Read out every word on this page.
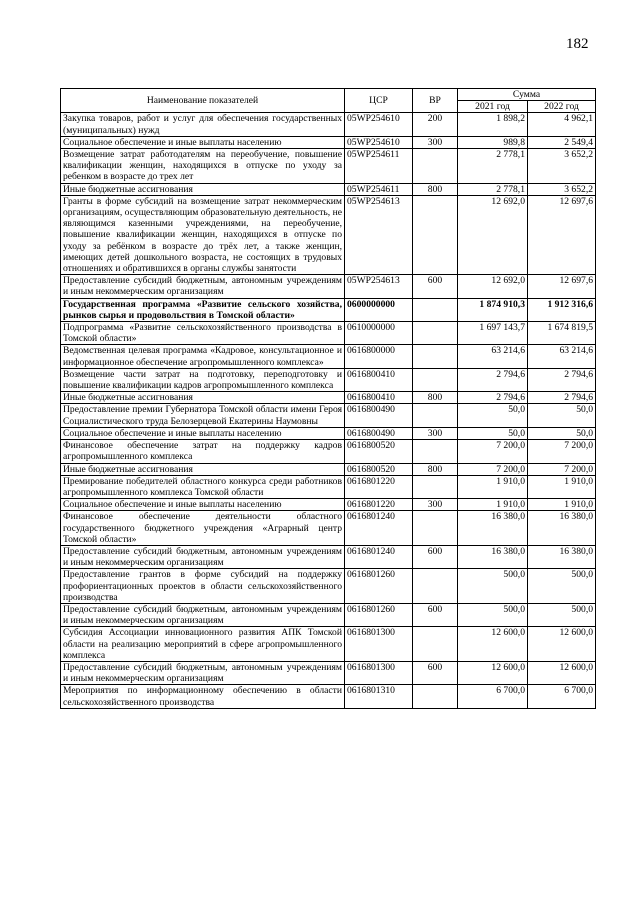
182
Наименование показателей	ЦСР	ВР	Сумма	
			2021 год	2022 год
Закупка товаров, работ и услуг для обеспечения государственных (муниципальных) нужд	05WP254610	200	1 898,2	4 962,1
Социальное обеспечение и иные выплаты населению	05WP254610	300	989,8	2 549,4
Возмещение затрат работодателям на переобучение, повышение квалификации женщин, находящихся в отпуске по уходу за ребенком в возрасте до трех лет	05WP254611		2 778,1	3 652,2
Иные бюджетные ассигнования	05WP254611	800	2 778,1	3 652,2
Гранты в форме субсидий на возмещение затрат некоммерческим организациям, осуществляющим образовательную деятельность, не являющимся казенными учреждениями, на переобучение, повышение квалификации женщин, находящихся в отпуске по уходу за ребёнком в возрасте до трёх лет, а также женщин, имеющих детей дошкольного возраста, не состоящих в трудовых отношениях и обратившихся в органы службы занятости	05WP254613		12 692,0	12 697,6
Предоставление субсидий бюджетным, автономным учреждениям и иным некоммерческим организациям	05WP254613	600	12 692,0	12 697,6
Государственная программа «Развитие сельского хозяйства, рынков сырья и продовольствия в Томской области»	0600000000		1 874 910,3	1 912 316,6
Подпрограмма «Развитие сельскохозяйственного производства в Томской области»	0610000000		1 697 143,7	1 674 819,5
Ведомственная целевая программа «Кадровое, консультационное и информационное обеспечение агропромышленного комплекса»	0616800000		63 214,6	63 214,6
Возмещение части затрат на подготовку, переподготовку и повышение квалификации кадров агропромышленного комплекса	0616800410		2 794,6	2 794,6
Иные бюджетные ассигнования	0616800410	800	2 794,6	2 794,6
Предоставление премии Губернатора Томской области имени Героя Социалистического труда Белозерцевой Екатерины Наумовны	0616800490		50,0	50,0
Социальное обеспечение и иные выплаты населению	0616800490	300	50,0	50,0
Финансовое обеспечение затрат на поддержку кадров агропромышленного комплекса	0616800520		7 200,0	7 200,0
Иные бюджетные ассигнования	0616800520	800	7 200,0	7 200,0
Премирование победителей областного конкурса среди работников агропромышленного комплекса Томской области	0616801220		1 910,0	1 910,0
Социальное обеспечение и иные выплаты населению	0616801220	300	1 910,0	1 910,0
Финансовое обеспечение деятельности областного государственного бюджетного учреждения «Аграрный центр Томской области»	0616801240		16 380,0	16 380,0
Предоставление субсидий бюджетным, автономным учреждениям и иным некоммерческим организациям	0616801240	600	16 380,0	16 380,0
Предоставление грантов в форме субсидий на поддержку профориентационных проектов в области сельскохозяйственного производства	0616801260		500,0	500,0
Предоставление субсидий бюджетным, автономным учреждениям и иным некоммерческим организациям	0616801260	600	500,0	500,0
Субсидия Ассоциации инновационного развития АПК Томской области на реализацию мероприятий в сфере агропромышленного комплекса	0616801300		12 600,0	12 600,0
Предоставление субсидий бюджетным, автономным учреждениям и иным некоммерческим организациям	0616801300	600	12 600,0	12 600,0
Мероприятия по информационному обеспечению в области сельскохозяйственного производства	0616801310		6 700,0	6 700,0
